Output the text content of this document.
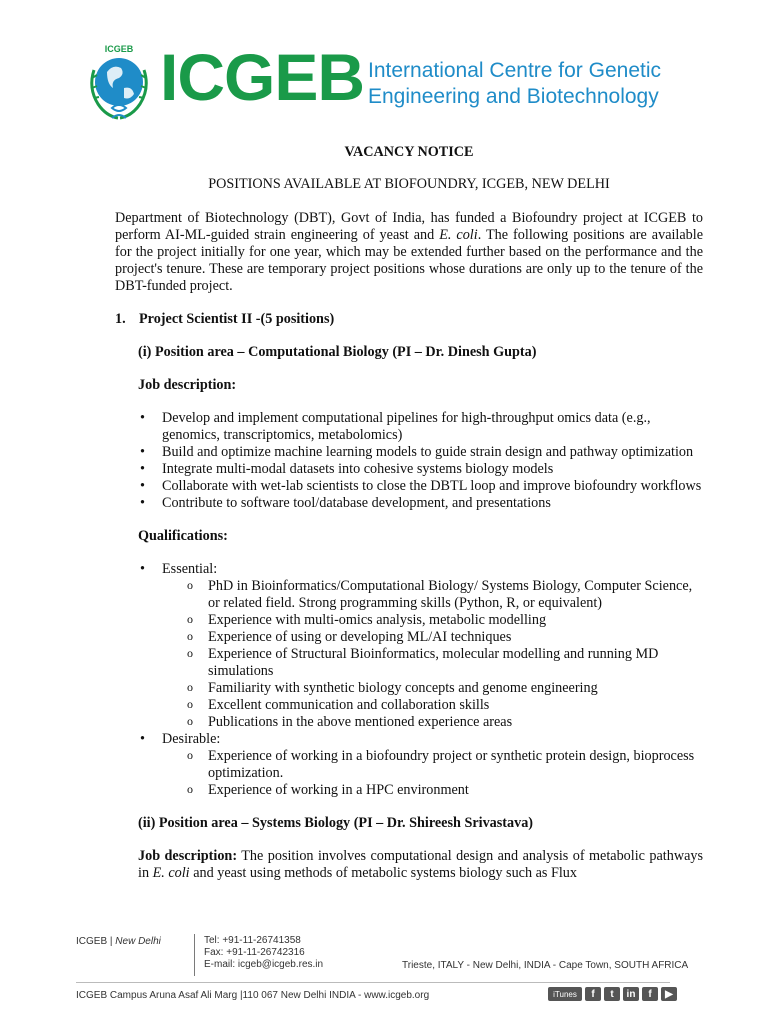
ICGEB ICGEB International Centre for Genetic
Engineering and Biotechnology
VACANCY NOTICE
POSITIONS AVAILABLE AT BIOFOUNDRY, ICGEB, NEW DELHI

Department of Biotechnology (DBT), Govt of India, has funded a Biofoundry project at ICGEB to perform AI-ML-guided strain engineering of yeast and E. coli. The following positions are available for the project initially for one year, which may be extended further based on the performance and the project's tenure. These are temporary project positions whose durations are only up to the tenure of the DBT-funded project.

1. Project Scientist II -(5 positions)
(i) Position area – Computational Biology (PI – Dr. Dinesh Gupta)
Job description:
• Develop and implement computational pipelines for high-throughput omics data (e.g., genomics, transcriptomics, metabolomics)
• Build and optimize machine learning models to guide strain design and pathway optimization
• Integrate multi-modal datasets into cohesive systems biology models
• Collaborate with wet-lab scientists to close the DBTL loop and improve biofoundry workflows
• Contribute to software tool/database development, and presentations
Qualifications:
• Essential:
o PhD in Bioinformatics/Computational Biology/ Systems Biology, Computer Science, or related field. Strong programming skills (Python, R, or equivalent)
o Experience with multi-omics analysis, metabolic modelling
o Experience of using or developing ML/AI techniques
o Experience of Structural Bioinformatics, molecular modelling and running MD simulations
o Familiarity with synthetic biology concepts and genome engineering
o Excellent communication and collaboration skills
o Publications in the above mentioned experience areas
• Desirable:
o Experience of working in a biofoundry project or synthetic protein design, bioprocess optimization.
o Experience of working in a HPC environment
(ii) Position area – Systems Biology (PI – Dr. Shireesh Srivastava)

Job description: The position involves computational design and analysis of metabolic pathways in E. coli and yeast using methods of metabolic systems biology such as Flux

ICGEB | New Delhi	Tel: +91-11-26741358
Fax: +91-11-26742316
E-mail: icgeb@icgeb.res.in	Trieste, ITALY - New Delhi, INDIA - Cape Town, SOUTH AFRICA
ICGEB Campus Aruna Asaf Ali Marg |110 067 New Delhi INDIA - www.icgeb.org	iTunes	f	t	in	f	▶
